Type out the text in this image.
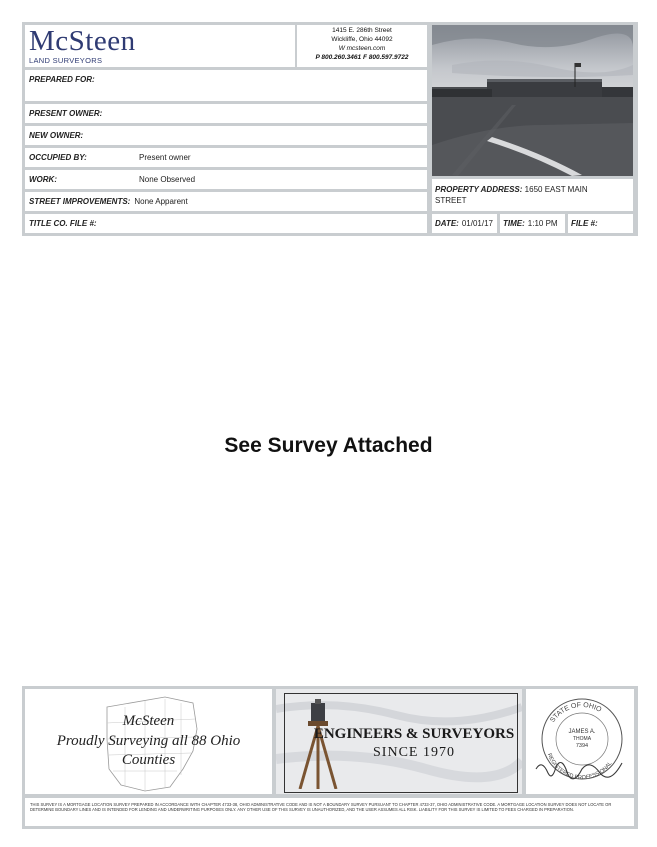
McSteen
LAND SURVEYORS
1415 E. 286th Street
Wickliffe, Ohio 44092
W mcsteen.com
P 800.260.3461 F 800.597.9722
PREPARED FOR:
PRESENT OWNER:
NEW OWNER:
OCCUPIED BY:	Present owner
WORK:	None Observed
STREET IMPROVEMENTS: None Apparent
TITLE CO. FILE #:
PROPERTY ADDRESS: 1650 EAST MAIN
STREET
DATE: 01/01/17 TIME: 1:10 PM FILE #:
See Survey Attached
McSteen
Proudly Surveying all 88 Ohio
Counties
ENGINEERS & SURVEYORS
SINCE 1970
STATE OF OHIO
REGISTERED PROFESSIONAL
JAMES A.
THOMA
7394
THIS SURVEY IS A MORTGAGE LOCATION SURVEY PREPARED IN ACCORDANCE WITH CHAPTER 4733-38, OHIO ADMINISTRATIVE CODE AND IS NOT A BOUNDARY SURVEY PURSUANT TO CHAPTER 4733-37, OHIO ADMINISTRATIVE CODE. A MORTGAGE LOCATION SURVEY DOES NOT LOCATE OR DETERMINE BOUNDARY LINES AND IS INTENDED FOR LENDING AND UNDERWRITING PURPOSES ONLY. ANY OTHER USE OF THIS SURVEY IS UNAUTHORIZED, AND THE USER ASSUMES ALL RISK. LIABILITY FOR THIS SURVEY IS LIMITED TO FEES CHARGED IN PREPARATION.
